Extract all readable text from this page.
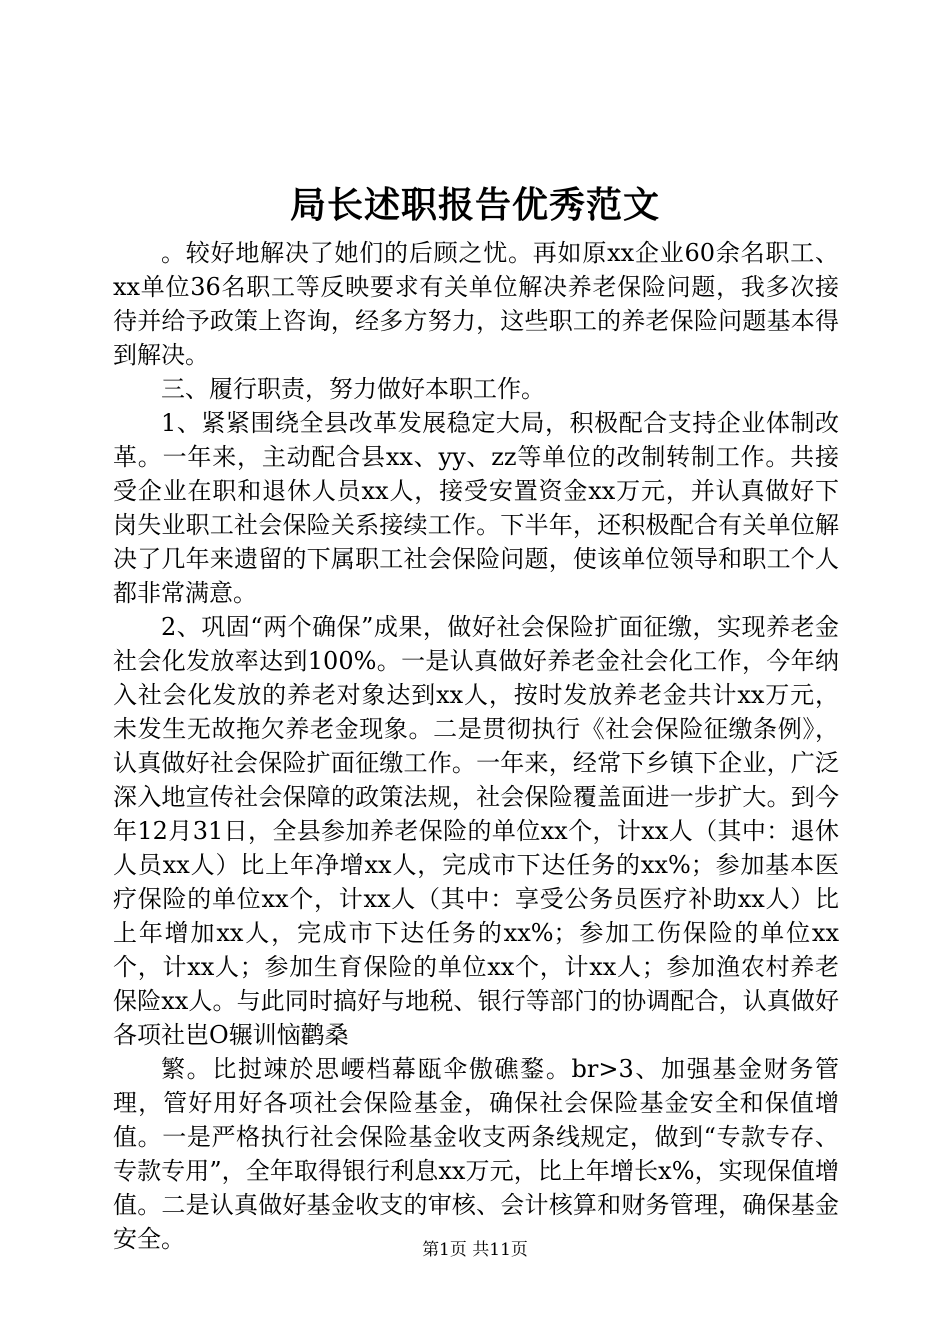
局长述职报告优秀范文

。较好地解决了她们的后顾之忧。再如原xx企业60余名职工、xx单位36名职工等反映要求有关单位解决养老保险问题，我多次接待并给予政策上咨询，经多方努力，这些职工的养老保险问题基本得到解决。

三、履行职责，努力做好本职工作。

1、紧紧围绕全县改革发展稳定大局，积极配合支持企业体制改革。一年来，主动配合县xx、yy、zz等单位的改制转制工作。共接受企业在职和退休人员xx人，接受安置资金xx万元，并认真做好下岗失业职工社会保险关系接续工作。下半年，还积极配合有关单位解决了几年来遗留的下属职工社会保险问题，使该单位领导和职工个人都非常满意。

2、巩固“两个确保”成果，做好社会保险扩面征缴，实现养老金社会化发放率达到100%。一是认真做好养老金社会化工作，今年纳入社会化发放的养老对象达到xx人，按时发放养老金共计xx万元，未发生无故拖欠养老金现象。二是贯彻执行《社会保险征缴条例》，认真做好社会保险扩面征缴工作。一年来，经常下乡镇下企业，广泛深入地宣传社会保障的政策法规，社会保险覆盖面进一步扩大。到今年12月31日，全县参加养老保险的单位xx个，计xx人（其中：退休人员xx人）比上年净增xx人，完成市下达任务的xx%；参加基本医疗保险的单位xx个，计xx人（其中：享受公务员医疗补助xx人）比上年增加xx人，完成市下达任务的xx%；参加工伤保险的单位xx个，计xx人；参加生育保险的单位xx个，计xx人；参加渔农村养老保险xx人。与此同时搞好与地税、银行等部门的协调配合，认真做好各项社岜O辗训恼鹳桑

繁。比挝竦於思崾档幕瓯伞傲礁鍪。br>3、加强基金财务管理，管好用好各项社会保险基金，确保社会保险基金安全和保值增值。一是严格执行社会保险基金收支两条线规定，做到“专款专存、专款专用”，全年取得银行利息xx万元，比上年增长x%，实现保值增值。二是认真做好基金收支的审核、会计核算和财务管理，确保基金安全。	第1页 共11页
